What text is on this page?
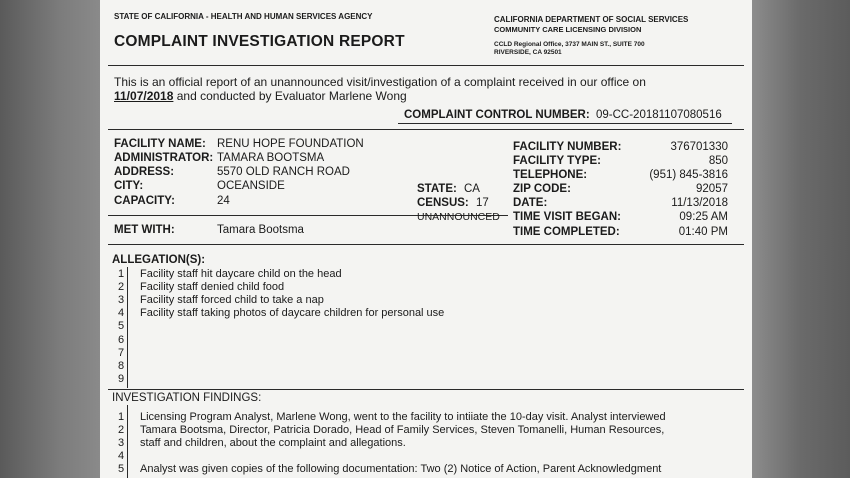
STATE OF CALIFORNIA - HEALTH AND HUMAN SERVICES AGENCY
COMPLAINT INVESTIGATION REPORT
CALIFORNIA DEPARTMENT OF SOCIAL SERVICES
COMMUNITY CARE LICENSING DIVISION
CCLD Regional Office, 3737 MAIN ST., SUITE 700
RIVERSIDE, CA 92501
This is an official report of an unannounced visit/investigation of a complaint received in our office on
11/07/2018 and conducted by Evaluator Marlene Wong
COMPLAINT CONTROL NUMBER: 09-CC-20181107080516
FACILITY NAME: RENU HOPE FOUNDATION
ADMINISTRATOR: TAMARA BOOTSMA
ADDRESS:	5570 OLD RANCH ROAD
CITY:	OCEANSIDE
CAPACITY:	24
MET WITH:	Tamara Bootsma
STATE: CA
CENSUS: 17
UNANNOUNCED
FACILITY NUMBER:	376701330
FACILITY TYPE:	850
TELEPHONE:	(951) 845-3816
ZIP CODE:	92057
DATE:	11/13/2018
TIME VISIT BEGAN:	09:25 AM
TIME COMPLETED:	01:40 PM
ALLEGATION(S):
1 Facility staff hit daycare child on the head
2 Facility staff denied child food
3 Facility staff forced child to take a nap
4 Facility staff taking photos of daycare children for personal use
5
6
7
8
9
INVESTIGATION FINDINGS:
1 Licensing Program Analyst, Marlene Wong, went to the facility to intiiate the 10-day visit. Analyst interviewed
2 Tamara Bootsma, Director, Patricia Dorado, Head of Family Services, Steven Tomanelli, Human Resources,
3 staff and children, about the complaint and allegations.
4
5 Analyst was given copies of the following documentation: Two (2) Notice of Action, Parent Acknowledgment
